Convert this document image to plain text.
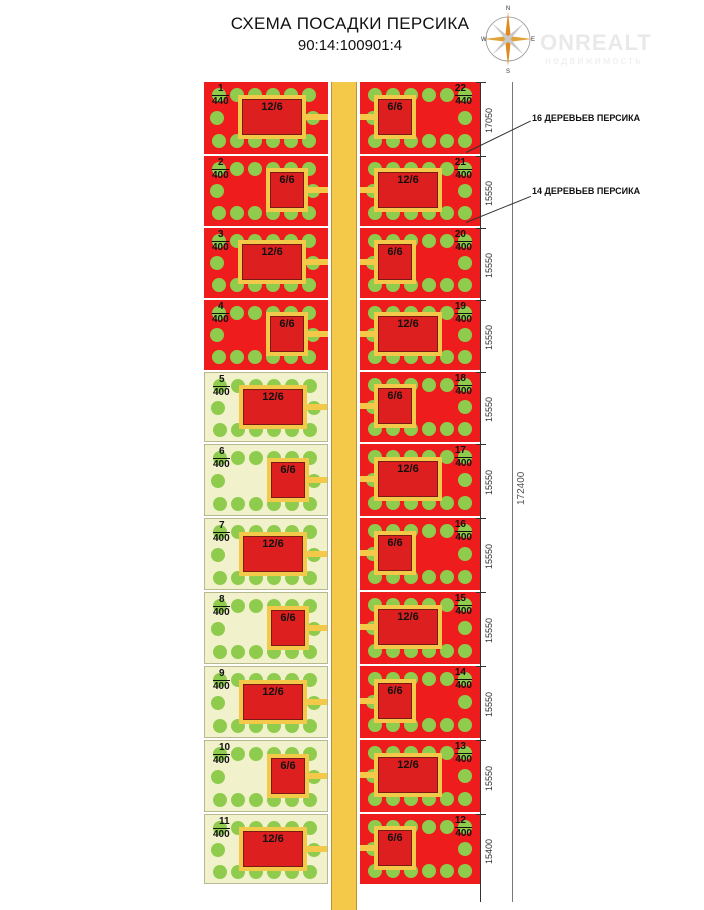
СХЕМА ПОСАДКИ ПЕРСИКА
90:14:100901:4
N
S
W	E ONREALT
недвижимость
12/6
1
440	6/6
22
440
6/6
2
400	12/6
21
400
12/6
3
400	6/6
20
400
6/6
4
400	12/6
19
400
12/6
5
400	6/6
18
400
6/6
6
400	12/6
17
400
12/6
7
400	6/6
16
400
6/6
8
400	12/6
15
400
12/6
9
400	6/6
14
400
6/6
10
400	12/6
13
400
12/6
11
400	6/6
12
400
172400
17050
15550
15550
15550
15550
15550
15550
15550
15550
15550
15400
16 ДЕРЕВЬЕВ ПЕРСИКА
14 ДЕРЕВЬЕВ ПЕРСИКА
